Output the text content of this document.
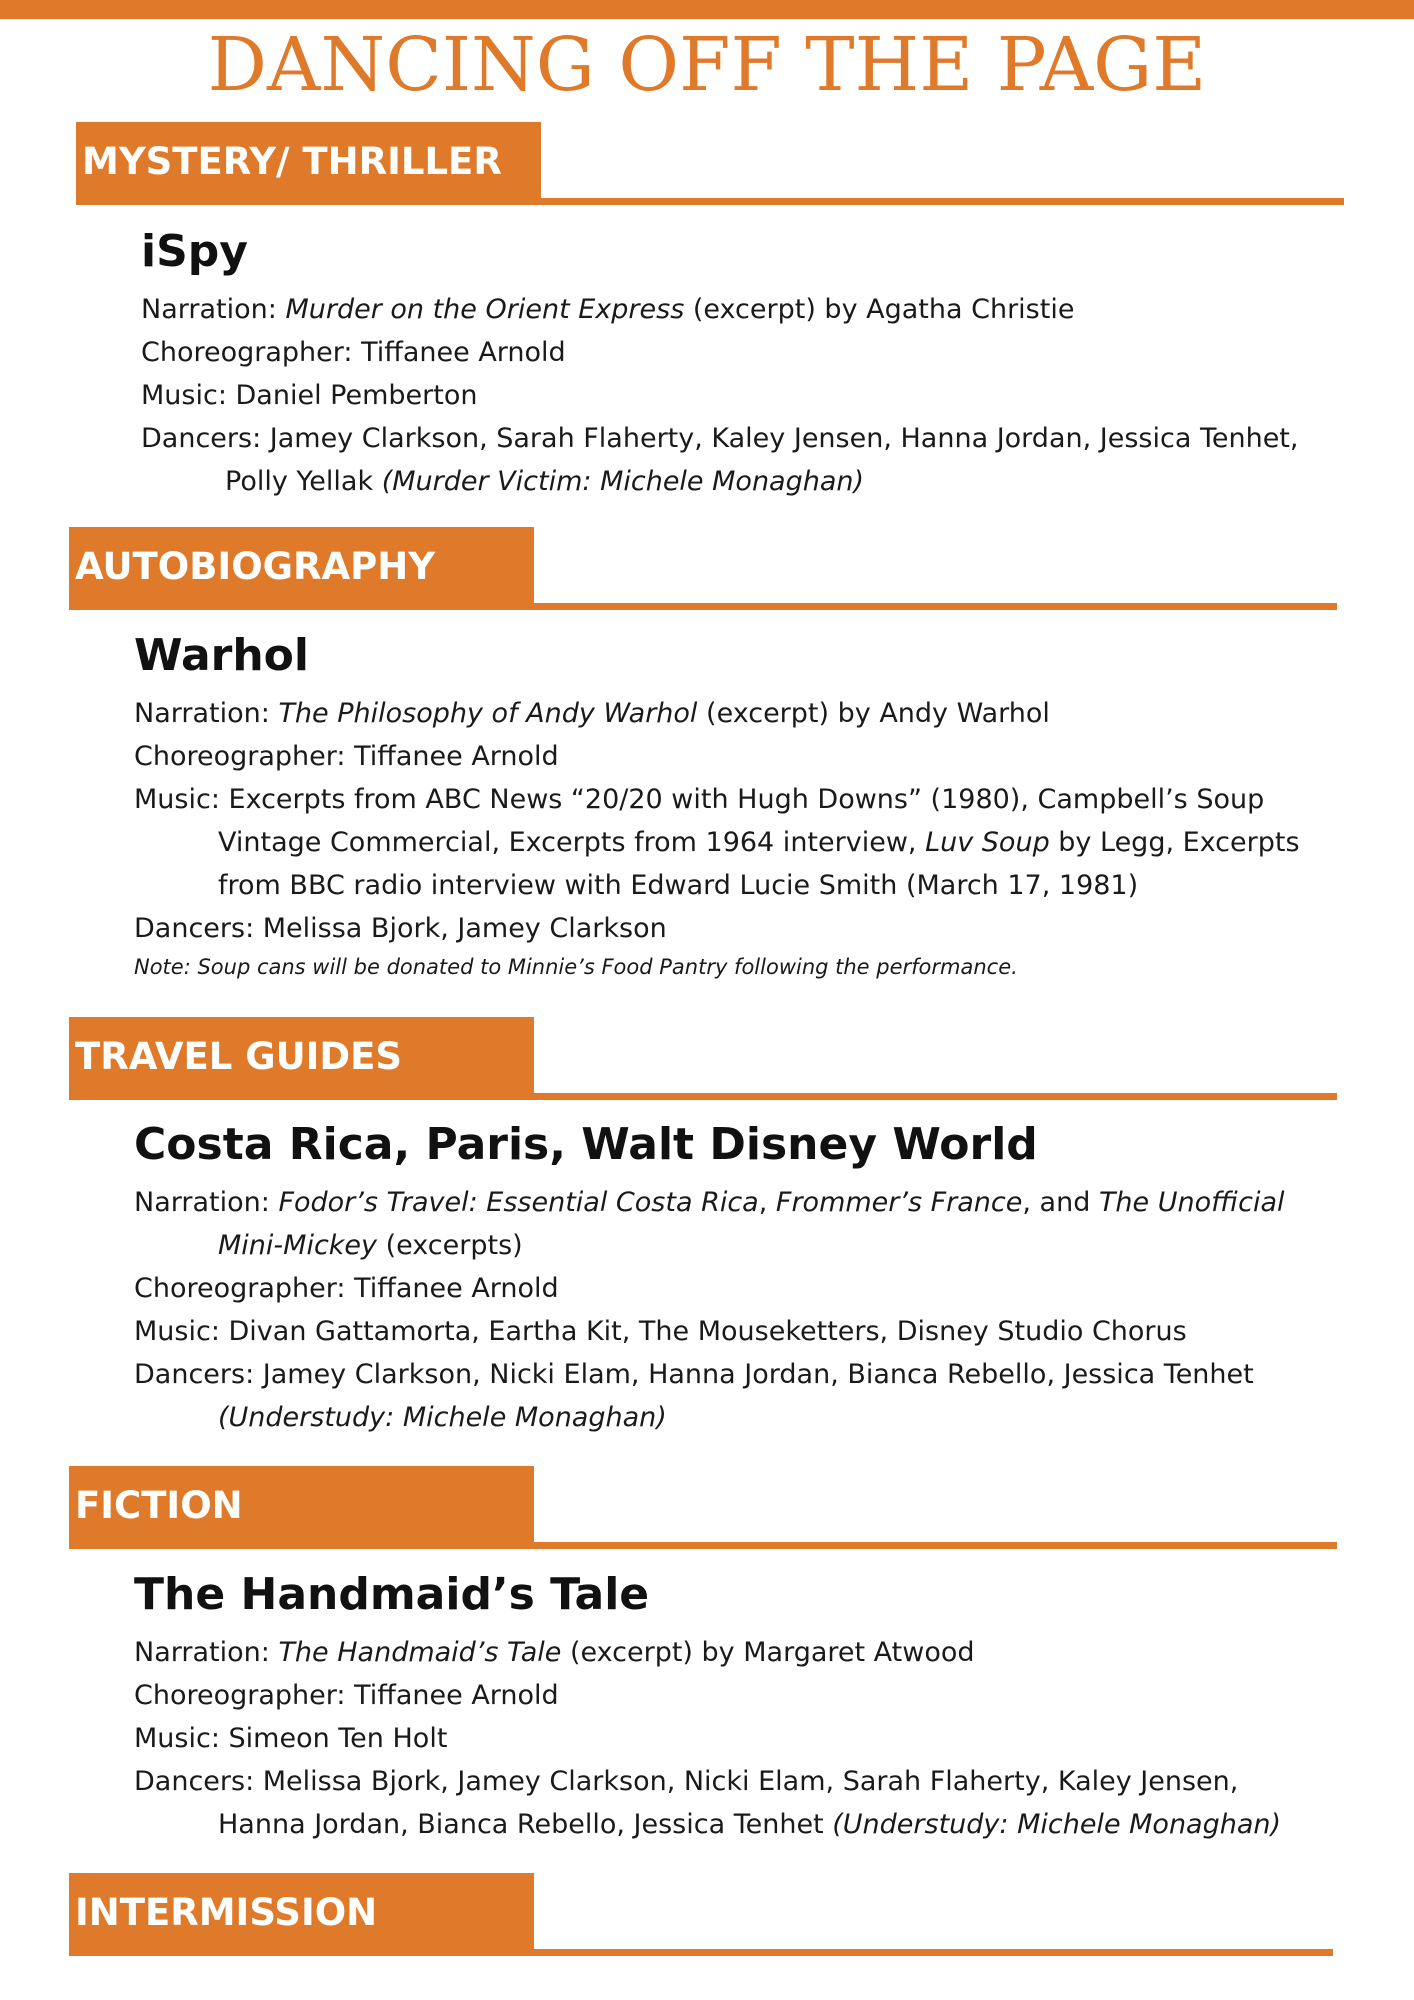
DANCING OFF THE PAGE
MYSTERY/ THRILLER
iSpy
Narration: Murder on the Orient Express (excerpt) by Agatha Christie
Choreographer: Tiffanee Arnold
Music: Daniel Pemberton
Dancers: Jamey Clarkson, Sarah Flaherty, Kaley Jensen, Hanna Jordan, Jessica Tenhet,
Polly Yellak (Murder Victim: Michele Monaghan)
AUTOBIOGRAPHY
Warhol
Narration: The Philosophy of Andy Warhol (excerpt) by Andy Warhol
Choreographer: Tiffanee Arnold
Music: Excerpts from ABC News “20/20 with Hugh Downs” (1980), Campbell’s Soup
Vintage Commercial, Excerpts from 1964 interview, Luv Soup by Legg, Excerpts
from BBC radio interview with Edward Lucie Smith (March 17, 1981)
Dancers: Melissa Bjork, Jamey Clarkson
Note: Soup cans will be donated to Minnie’s Food Pantry following the performance.
TRAVEL GUIDES
Costa Rica, Paris, Walt Disney World
Narration: Fodor’s Travel: Essential Costa Rica, Frommer’s France, and The Unofficial
Mini-Mickey (excerpts)
Choreographer: Tiffanee Arnold
Music: Divan Gattamorta, Eartha Kit, The Mouseketters, Disney Studio Chorus
Dancers: Jamey Clarkson, Nicki Elam, Hanna Jordan, Bianca Rebello, Jessica Tenhet
(Understudy: Michele Monaghan)
FICTION
The Handmaid’s Tale
Narration: The Handmaid’s Tale (excerpt) by Margaret Atwood
Choreographer: Tiffanee Arnold
Music: Simeon Ten Holt
Dancers: Melissa Bjork, Jamey Clarkson, Nicki Elam, Sarah Flaherty, Kaley Jensen,
Hanna Jordan, Bianca Rebello, Jessica Tenhet (Understudy: Michele Monaghan)
INTERMISSION
